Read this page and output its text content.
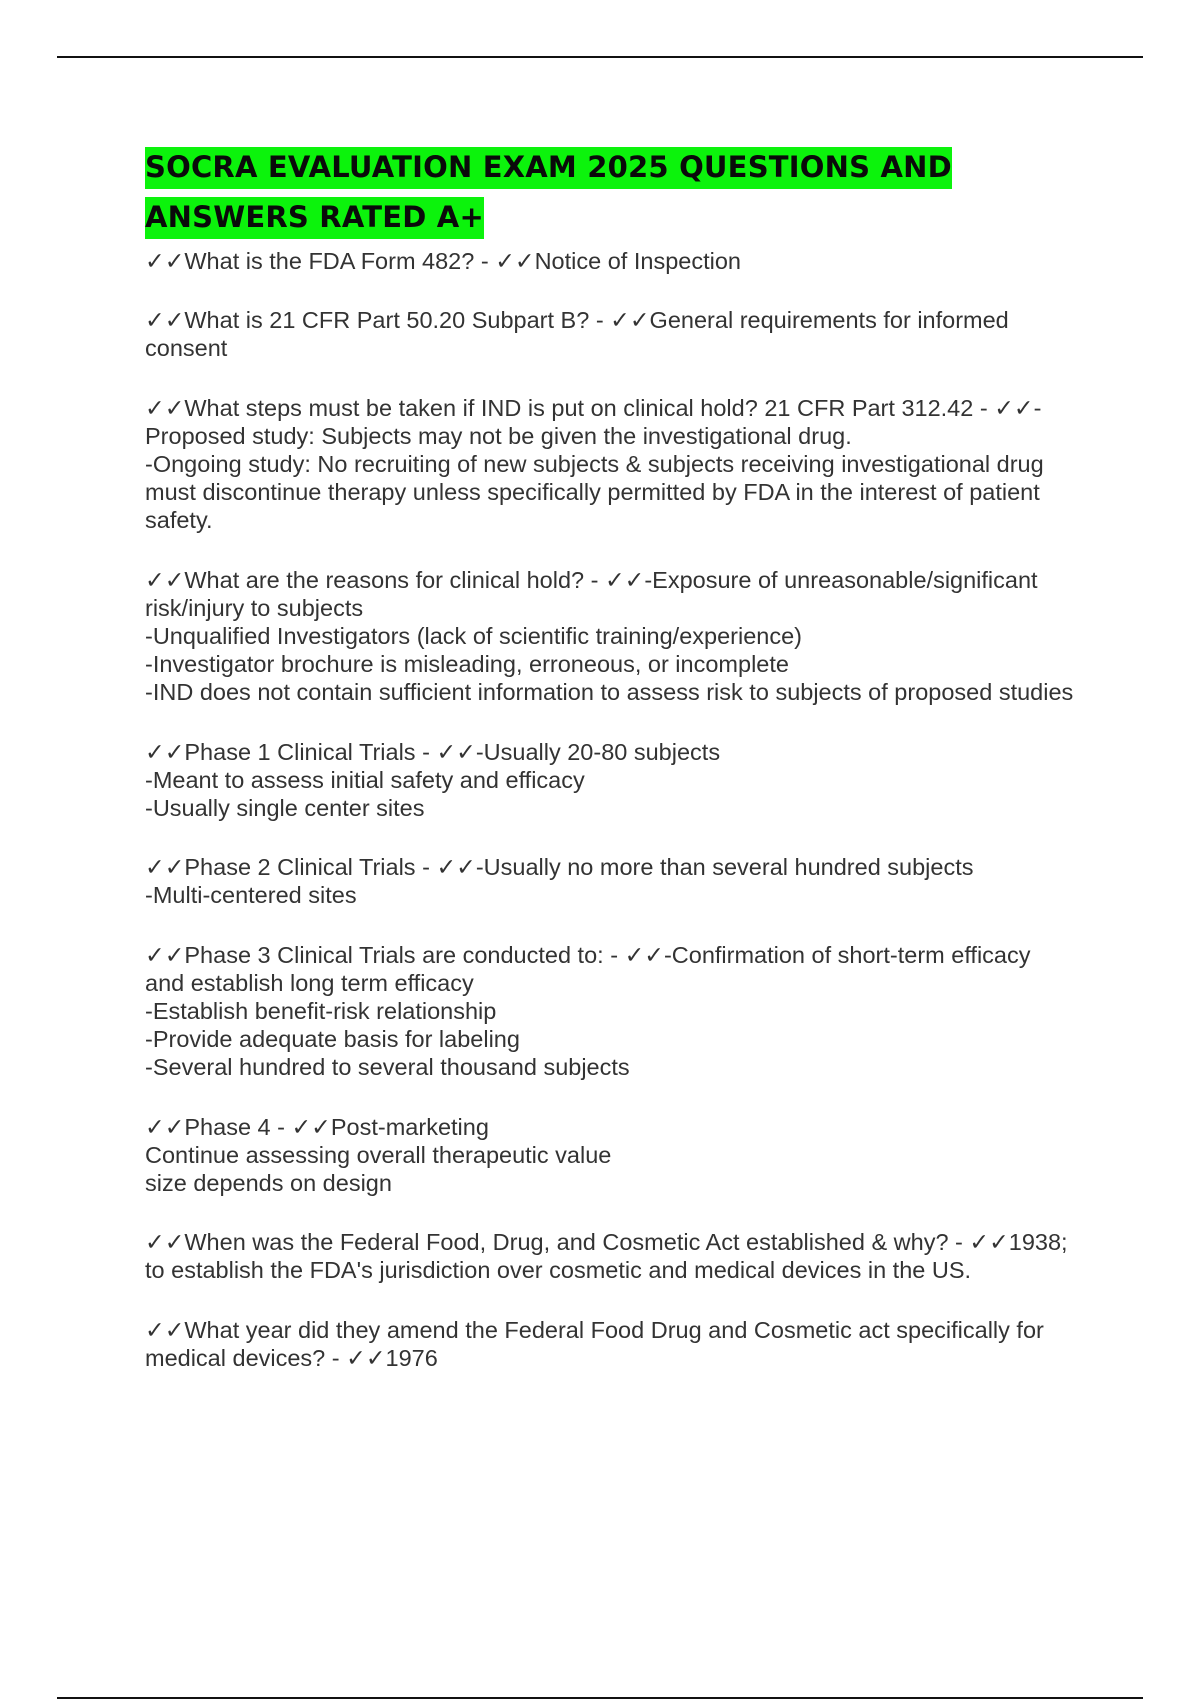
SOCRA EVALUATION EXAM 2025 QUESTIONS AND ANSWERS RATED A+
✓✓What is the FDA Form 482? - ✓✓Notice of Inspection
✓✓What is 21 CFR Part 50.20 Subpart B? - ✓✓General requirements for informed consent
✓✓What steps must be taken if IND is put on clinical hold? 21 CFR Part 312.42 - ✓✓-Proposed study: Subjects may not be given the investigational drug.
-Ongoing study: No recruiting of new subjects & subjects receiving investigational drug must discontinue therapy unless specifically permitted by FDA in the interest of patient safety.
✓✓What are the reasons for clinical hold? - ✓✓-Exposure of unreasonable/significant risk/injury to subjects
-Unqualified Investigators (lack of scientific training/experience)
-Investigator brochure is misleading, erroneous, or incomplete
-IND does not contain sufficient information to assess risk to subjects of proposed studies
✓✓Phase 1 Clinical Trials - ✓✓-Usually 20-80 subjects
-Meant to assess initial safety and efficacy
-Usually single center sites
✓✓Phase 2 Clinical Trials - ✓✓-Usually no more than several hundred subjects
-Multi-centered sites
✓✓Phase 3 Clinical Trials are conducted to: - ✓✓-Confirmation of short-term efficacy and establish long term efficacy
-Establish benefit-risk relationship
-Provide adequate basis for labeling
-Several hundred to several thousand subjects
✓✓Phase 4 - ✓✓Post-marketing
Continue assessing overall therapeutic value
size depends on design
✓✓When was the Federal Food, Drug, and Cosmetic Act established & why? - ✓✓1938; to establish the FDA's jurisdiction over cosmetic and medical devices in the US.
✓✓What year did they amend the Federal Food Drug and Cosmetic act specifically for medical devices? - ✓✓1976
